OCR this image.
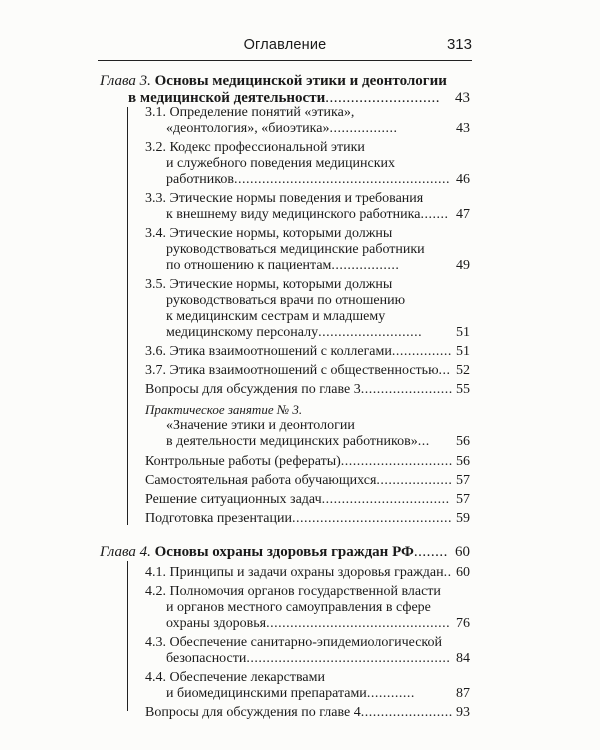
Оглавление	313
Глава 3. Основы медицинской этики и деонтологии
в медицинской деятельности........................... 43
3.1. Определение понятий «этика»,
«деонтология», «биоэтика».................	43
3.2. Кодекс профессиональной этики
и служебного поведения медицинских
работников...................................................... 46
3.3. Этические нормы поведения и требования
к внешнему виду медицинского работника....... 47
3.4. Этические нормы, которыми должны
руководствоваться медицинские работники
по отношению к пациентам.................	49
3.5. Этические нормы, которыми должны
руководствоваться врачи по отношению
к медицинским сестрам и младшему
медицинскому персоналу.......................... 51
3.6. Этика взаимоотношений с коллегами............... 51
3.7. Этика взаимоотношений с общественностью... 52
Вопросы для обсуждения по главе 3....................... 55
Практическое занятие № 3.
«Значение этики и деонтологии
в деятельности медицинских работников»... 56
Контрольные работы (рефераты)............................ 56
Самостоятельная работа обучающихся................... 57
Решение ситуационных задач................................ 57
Подготовка презентации........................................ 59
Глава 4. Основы охраны здоровья граждан РФ........ 60
4.1. Принципы и задачи охраны здоровья граждан.. 60
4.2. Полномочия органов государственной власти
и органов местного самоуправления в сфере
охраны здоровья.............................................. 76
4.3. Обеспечение санитарно-эпидемиологической
безопасности................................................... 84
4.4. Обеспечение лекарствами
и биомедицинскими препаратами............	87
Вопросы для обсуждения по главе 4....................... 93
